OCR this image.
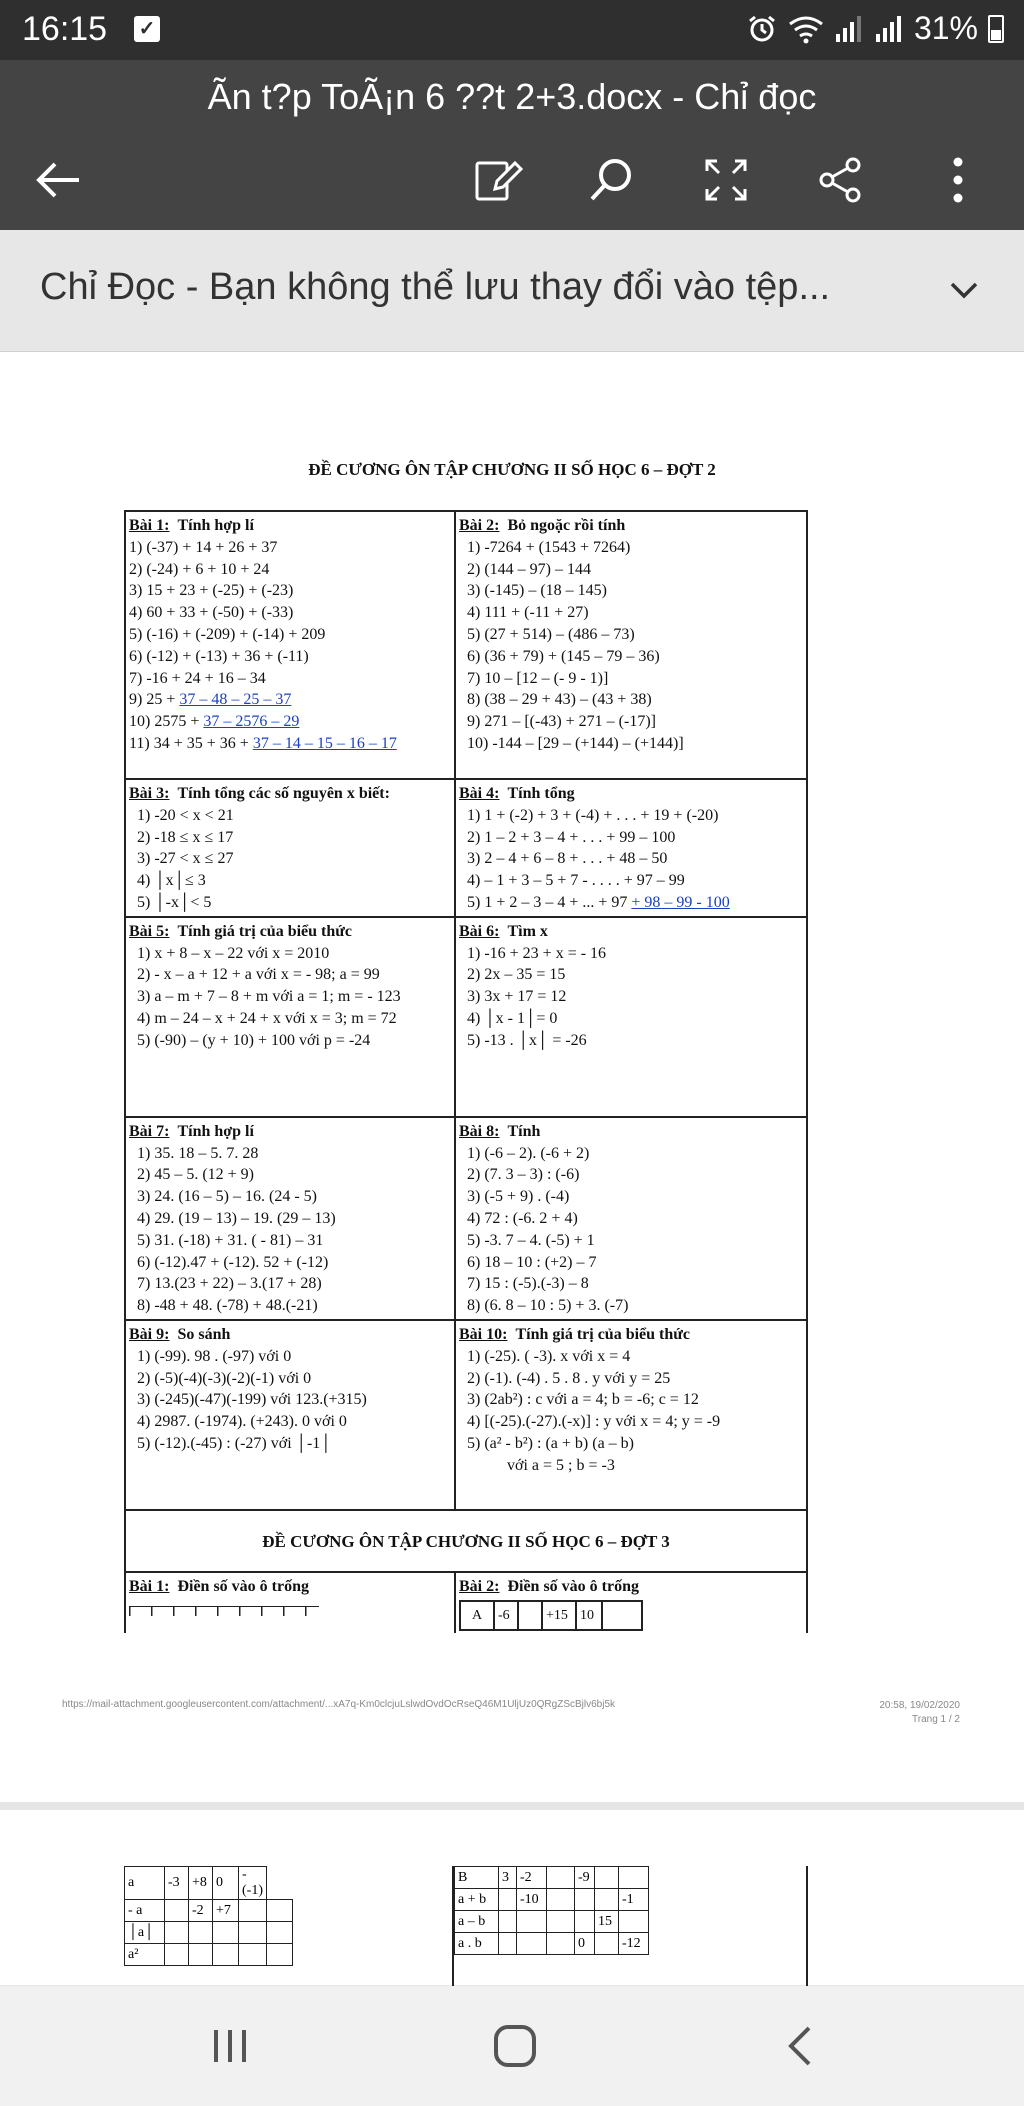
16:15 ✓	31%
Ãn t?p ToÃ¡n 6 ??t 2+3.docx - Chỉ đọc
Chỉ Đọc - Bạn không thể lưu thay đổi vào tệp...
ĐỀ CƯƠNG ÔN TẬP CHƯƠNG II SỐ HỌC 6 – ĐỢT 2
Bài 1: Tính hợp lí
1) (-37) + 14 + 26 + 37
2) (-24) + 6 + 10 + 24
3) 15 + 23 + (-25) + (-23)
4) 60 + 33 + (-50) + (-33)
5) (-16) + (-209) + (-14) + 209
6) (-12) + (-13) + 36 + (-11)
7) -16 + 24 + 16 – 34
9) 25 + 37 – 48 – 25 – 37
10) 2575 + 37 – 2576 – 29
11) 34 + 35 + 36 + 37 – 14 – 15 – 16 – 17

Bài 2: Bỏ ngoặc rồi tính
1) -7264 + (1543 + 7264)
2) (144 – 97) – 144
3) (-145) – (18 – 145)
4) 111 + (-11 + 27)
5) (27 + 514) – (486 – 73)
6) (36 + 79) + (145 – 79 – 36)
7) 10 – [12 – (- 9 - 1)]
8) (38 – 29 + 43) – (43 + 38)
9) 271 – [(-43) + 271 – (-17)]
10) -144 – [29 – (+144) – (+144)]

Bài 3: Tính tổng các số nguyên x biết:
1) -20 < x < 21
2) -18 ≤ x ≤ 17
3) -27 < x ≤ 27
4) │x│≤ 3
5) │-x│< 5

Bài 4: Tính tổng
1) 1 + (-2) + 3 + (-4) + . . . + 19 + (-20)
2) 1 – 2 + 3 – 4 + . . . + 99 – 100
3) 2 – 4 + 6 – 8 + . . . + 48 – 50
4) – 1 + 3 – 5 + 7 - . . . . + 97 – 99
5) 1 + 2 – 3 – 4 + ... + 97 + 98 – 99 - 100

Bài 5: Tính giá trị của biểu thức
1) x + 8 – x – 22 với x = 2010
2) - x – a + 12 + a với x = - 98; a = 99
3) a – m + 7 – 8 + m với a = 1; m = - 123
4) m – 24 – x + 24 + x với x = 3; m = 72
5) (-90) – (y + 10) + 100 với p = -24

Bài 6: Tìm x
1) -16 + 23 + x = - 16
2) 2x – 35 = 15
3) 3x + 17 = 12
4) │x - 1│= 0
5) -13 . │x│ = -26

Bài 7: Tính hợp lí
1) 35. 18 – 5. 7. 28
2) 45 – 5. (12 + 9)
3) 24. (16 – 5) – 16. (24 - 5)
4) 29. (19 – 13) – 19. (29 – 13)
5) 31. (-18) + 31. ( - 81) – 31
6) (-12).47 + (-12). 52 + (-12)
7) 13.(23 + 22) – 3.(17 + 28)
8) -48 + 48. (-78) + 48.(-21)

Bài 8: Tính
1) (-6 – 2). (-6 + 2)
2) (7. 3 – 3) : (-6)
3) (-5 + 9) . (-4)
4) 72 : (-6. 2 + 4)
5) -3. 7 – 4. (-5) + 1
6) 18 – 10 : (+2) – 7
7) 15 : (-5).(-3) – 8
8) (6. 8 – 10 : 5) + 3. (-7)

Bài 9: So sánh
1) (-99). 98 . (-97) với 0
2) (-5)(-4)(-3)(-2)(-1) với 0
3) (-245)(-47)(-199) với 123.(+315)
4) 2987. (-1974). (+243). 0 với 0
5) (-12).(-45) : (-27) với │-1│

Bài 10: Tính giá trị của biểu thức
1) (-25). ( -3). x với x = 4
2) (-1). (-4) . 5 . 8 . y với y = 25
3) (2ab²) : c với a = 4; b = -6; c = 12
4) [(-25).(-27).(-x)] : y với x = 4; y = -9
5) (a² - b²) : (a + b) (a – b)
với a = 5 ; b = -3

ĐỀ CƯƠNG ÔN TẬP CHƯƠNG II SỐ HỌC 6 – ĐỢT 3

Bài 1: Điền số vào ô trống	Bài 2: Điền số vào ô trống
A	-6		+15	10	
https://mail-attachment.googleusercontent.com/attachment/...xA7q-Km0clcjuLslwdOvdOcRseQ46M1UljUz0QRgZScBjlv6bj5k	20:58, 19/02/2020
Trang 1 / 2
a	-3	+8	0	-(-1)	
- a		-2	+7		
│a│					
a²					
B	3	-2		-9		
a + b		-10				-1
a – b					15	
a . b				0		-12
